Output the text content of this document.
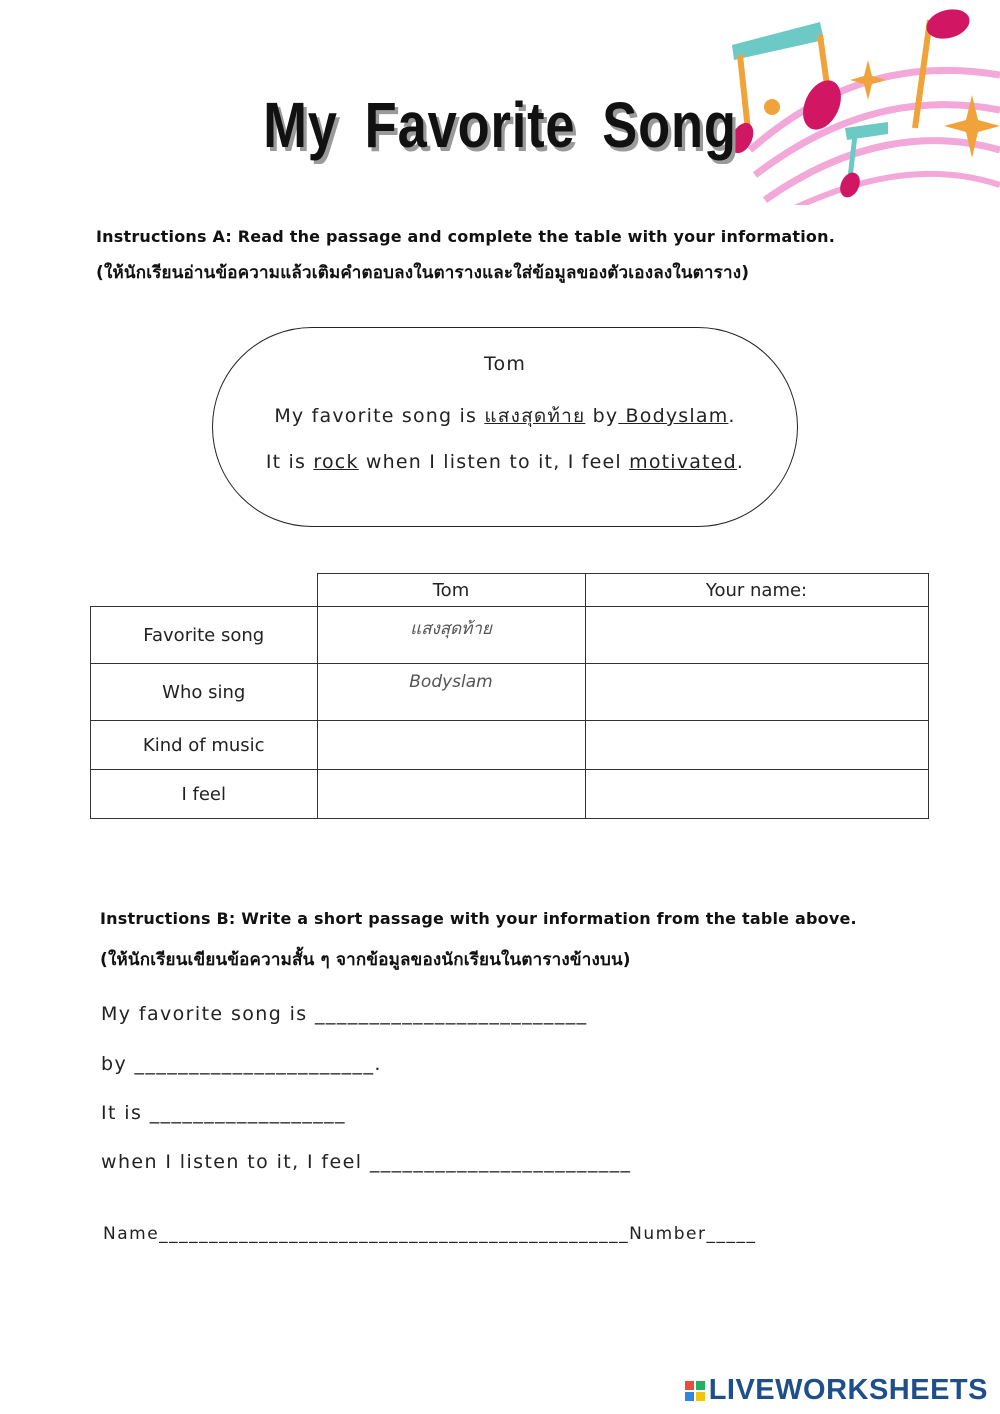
My Favorite Song
Instructions A: Read the passage and complete the table with your information.
(ให้นักเรียนอ่านข้อความแล้วเติมคำตอบลงในตารางและใส่ข้อมูลของตัวเองลงในตาราง)
Tom
My favorite song is แสงสุดท้าย by Bodyslam.
It is rock when I listen to it, I feel motivated.
	Tom	Your name:
Favorite song	แสงสุดท้าย	
Who sing	Bodyslam	
Kind of music		
I feel		
Instructions B: Write a short passage with your information from the table above.
(ให้นักเรียนเขียนข้อความสั้น ๆ จากข้อมูลของนักเรียนในตารางข้างบน)
My favorite song is _________________________
by ______________________.
It is __________________
when I listen to it, I feel ________________________
Name_______________________________________________Number_____
LIVEWORKSHEETS
